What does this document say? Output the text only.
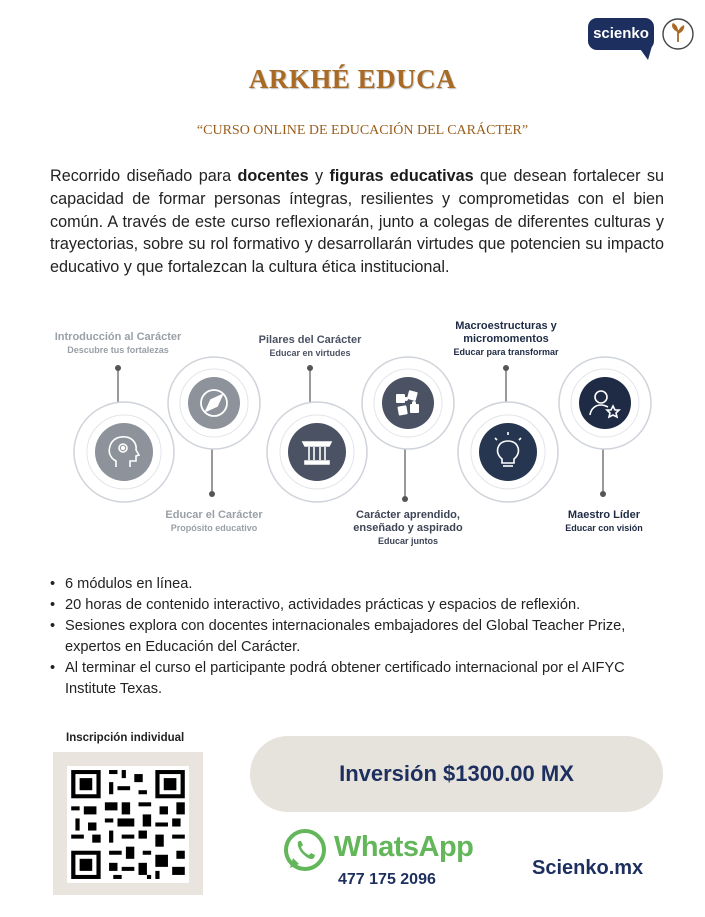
scienko
ARKHÉ EDUCA
“CURSO ONLINE DE EDUCACIÓN DEL CARÁCTER”

Recorrido diseñado para docentes y figuras educativas que desean fortalecer su capacidad de formar personas íntegras, resilientes y comprometidas con el bien común. A través de este curso reflexionarán, junto a colegas de diferentes culturas y trayectorias, sobre su rol formativo y desarrollarán virtudes que potencien su impacto educativo y que fortalezcan la cultura ética institucional.

Introducción al Carácter
Descubre tus fortalezas
Educar el Carácter
Propósito educativo
Pilares del Carácter
Educar en virtudes
Carácter aprendido, enseñado y aspirado
Educar juntos
Macroestructuras y micromomentos
Educar para transformar
Maestro Líder
Educar con visión
• 6 módulos en línea.
• 20 horas de contenido interactivo, actividades prácticas y espacios de reflexión.
• Sesiones explora con docentes internacionales embajadores del Global Teacher Prize, expertos en Educación del Carácter.
• Al terminar el curso el participante podrá obtener certificado internacional por el AIFYC Institute Texas.
Inscripción individual
Inversión $1300.00 MX
WhatsApp
477 175 2096
Scienko.mx
